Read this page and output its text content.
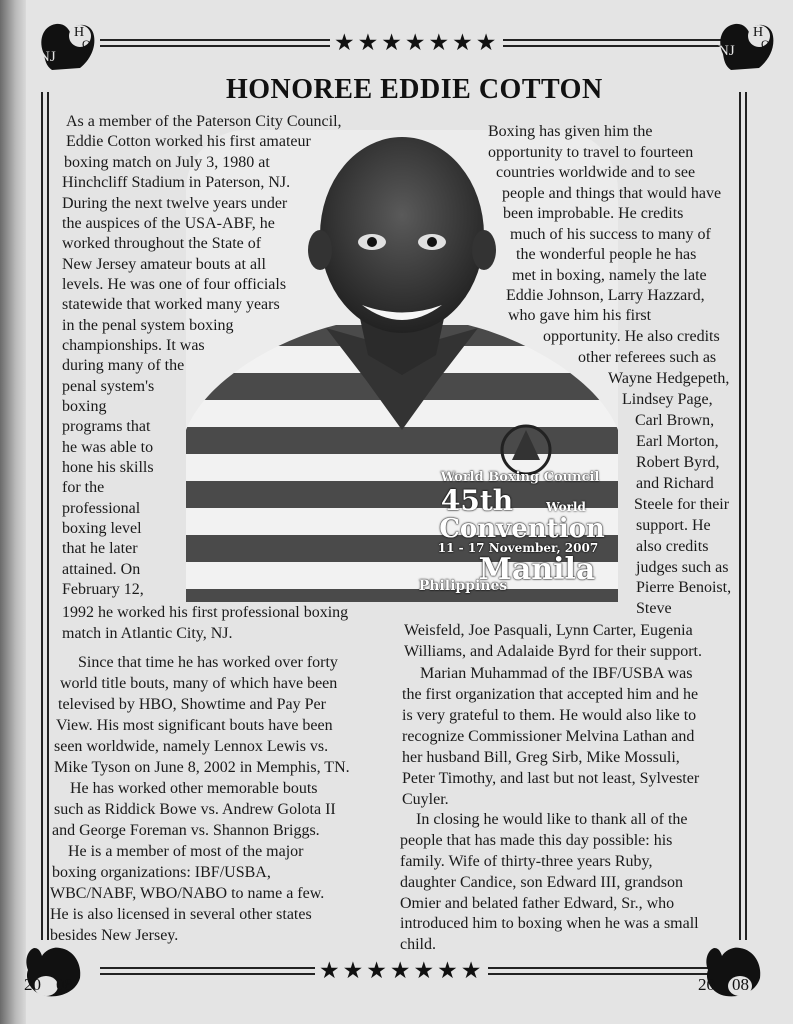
★★★★★★★
★★★★★★★
NJ
H
O
F	NJ
H
O
F
20 08	20 08
HONOREE EDDIE COTTON
World Boxing Council
45th	World
Convention
11 - 17 November, 2007
Manila
Philippines
As a member of the Paterson City Council,
Eddie Cotton worked his first amateur
boxing match on July 3, 1980 at
Hinchcliff Stadium in Paterson, NJ.
During the next twelve years under
the auspices of the USA-ABF, he
worked throughout the State of
New Jersey amateur bouts at all
levels. He was one of four officials
statewide that worked many years
in the penal system boxing
championships. It was
during many of the
penal system's
boxing
programs that
he was able to
hone his skills
for the
professional
boxing level
that he later
attained. On
February 12,
1992 he worked his first professional boxing
match in Atlantic City, NJ.
Since that time he has worked over forty
world title bouts, many of which have been
televised by HBO, Showtime and Pay Per
View. His most significant bouts have been
seen worldwide, namely Lennox Lewis vs.
Mike Tyson on June 8, 2002 in Memphis, TN.
He has worked other memorable bouts
such as Riddick Bowe vs. Andrew Golota II
and George Foreman vs. Shannon Briggs.
He is a member of most of the major
boxing organizations: IBF/USBA,
WBC/NABF, WBO/NABO to name a few.
He is also licensed in several other states
besides New Jersey.
Boxing has given him the
opportunity to travel to fourteen
countries worldwide and to see
people and things that would have
been improbable. He credits
much of his success to many of
the wonderful people he has
met in boxing, namely the late
Eddie Johnson, Larry Hazzard,
who gave him his first
opportunity. He also credits
other referees such as
Wayne Hedgepeth,
Lindsey Page,
Carl Brown,
Earl Morton,
Robert Byrd,
and Richard
Steele for their
support. He
also credits
judges such as
Pierre Benoist,
Steve
Weisfeld, Joe Pasquali, Lynn Carter, Eugenia
Williams, and Adalaide Byrd for their support.
Marian Muhammad of the IBF/USBA was
the first organization that accepted him and he
is very grateful to them. He would also like to
recognize Commissioner Melvina Lathan and
her husband Bill, Greg Sirb, Mike Mossuli,
Peter Timothy, and last but not least, Sylvester
Cuyler.
In closing he would like to thank all of the
people that has made this day possible: his
family. Wife of thirty-three years Ruby,
daughter Candice, son Edward III, grandson
Omier and belated father Edward, Sr., who
introduced him to boxing when he was a small
child.
